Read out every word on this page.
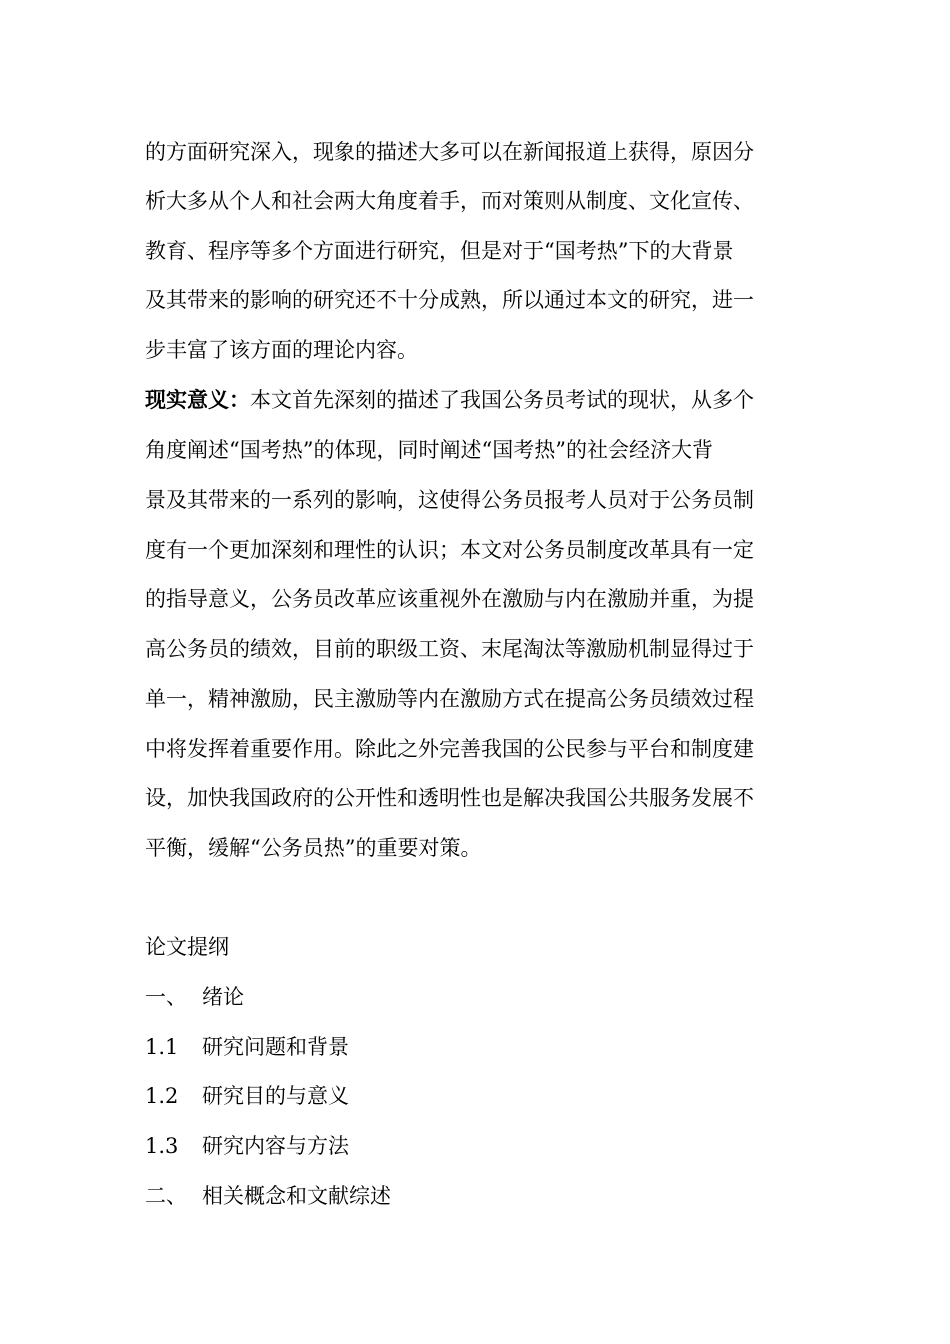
的方面研究深入，现象的描述大多可以在新闻报道上获得，原因分
析大多从个人和社会两大角度着手，而对策则从制度、文化宣传、
教育、程序等多个方面进行研究，但是对于“国考热”下的大背景
及其带来的影响的研究还不十分成熟，所以通过本文的研究，进一
步丰富了该方面的理论内容。
现实意义：本文首先深刻的描述了我国公务员考试的现状，从多个
角度阐述“国考热”的体现，同时阐述“国考热”的社会经济大背
景及其带来的一系列的影响，这使得公务员报考人员对于公务员制
度有一个更加深刻和理性的认识；本文对公务员制度改革具有一定
的指导意义，公务员改革应该重视外在激励与内在激励并重，为提
高公务员的绩效，目前的职级工资、末尾淘汰等激励机制显得过于
单一，精神激励，民主激励等内在激励方式在提高公务员绩效过程
中将发挥着重要作用。除此之外完善我国的公民参与平台和制度建
设，加快我国政府的公开性和透明性也是解决我国公共服务发展不
平衡，缓解“公务员热”的重要对策。
论文提纲
一、 绪论
1.1 研究问题和背景
1.2 研究目的与意义
1.3 研究内容与方法
二、 相关概念和文献综述
